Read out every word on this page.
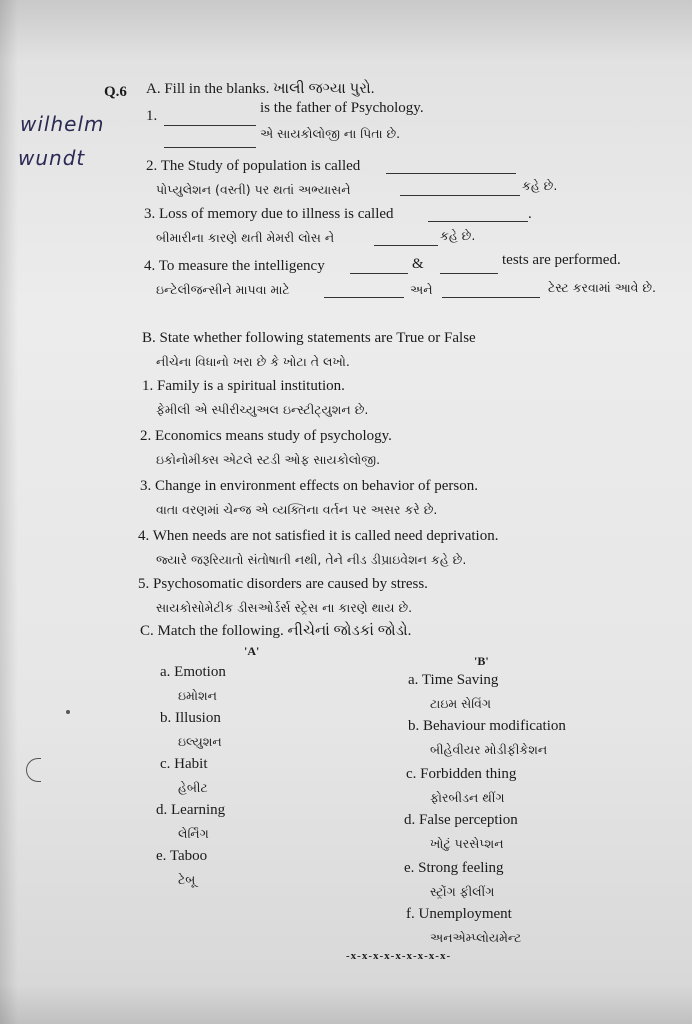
Q.6 A. Fill in the blanks. ખાલી જગ્યા પુરો.
wilhelm
wundt
1.	is the father of Psychology.
એ સાયકોલોજી ના પિતા છે.
2. The Study of population is called
પોપ્યુલેશન (વસ્તી) પર થતાં અભ્યાસને	કહે છે.
3. Loss of memory due to illness is called	.
બીમારીના કારણે થતી મેમરી લોસ ને	કહે છે.
4. To measure the intelligency	&	tests are performed.
ઇન્ટેલીજન્સીને માપવા માટે	અને	ટેસ્ટ કરવામાં આવે છે.
B. State whether following statements are True or False
નીચેના વિધાનો ખરા છે કે ખોટા તે લખો.
1. Family is a spiritual institution.
ફેમીલી એ સ્પીરીચ્યુઅલ ઇન્સ્ટીટ્યુશન છે.
2. Economics means study of psychology.
ઇકોનોમીક્સ એટલે સ્ટડી ઓફ સાયકોલોજી.
3. Change in environment effects on behavior of person.
વાતા વરણમાં ચેન્જ એ વ્યક્તિના વર્તન પર અસર કરે છે.
4. When needs are not satisfied it is called need deprivation.
જ્યારે જરૂરિયાતો સંતોષાતી નથી, તેને નીડ ડીપ્રાઇવેશન કહે છે.
5. Psychosomatic disorders are caused by stress.
સાયકોસોમેટીક ડીસઓર્ડર્સ સ્ટ્રેસ ના કારણે થાય છે.
C. Match the following. નીચેનાં જોડકાં જોડો.
'A'
'B'
a. Emotion
ઇમોશન
b. Illusion
ઇલ્યુશન
c. Habit
હેબીટ
d. Learning
લેર્નિંગ
e. Taboo
ટેબૂ
a. Time Saving
ટાઇમ સેવિંગ
b. Behaviour modification
બીહેવીયર મોડીફીકેશન
c. Forbidden thing
ફોરબીડન થીંગ
d. False perception
ખોટું પરસેપ્શન
e. Strong feeling
સ્ટ્રોંગ ફીલીંગ
f. Unemployment
અનએમ્પ્લોયમેન્ટ
-x-x-x-x-x-x-x-x-x-
